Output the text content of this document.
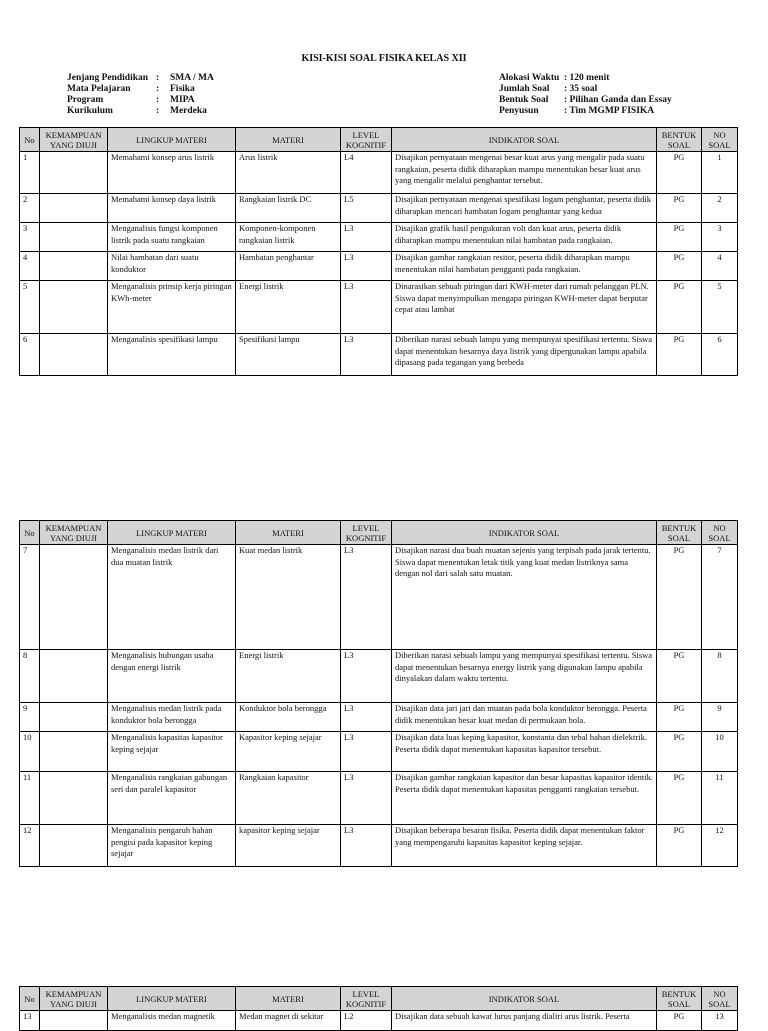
KISI-KISI SOAL FISIKA KELAS XII
Jenjang Pendidikan :	SMA / MA
Mata Pelajaran	:	Fisika
Program	:	MIPA
Kurikulum	:	Merdeka
Alokasi Waktu : 120 menit
Jumlah Soal	: 35 soal
Bentuk Soal	: Pilihan Ganda dan Essay
Penyusun	: Tim MGMP FISIKA
No	KEMAMPUAN YANG DIUJI	LINGKUP MATERI	MATERI	LEVEL KOGNITIF	INDIKATOR SOAL	BENTUK SOAL	NO SOAL
1		Memahami konsep arus listrik	Arus listrik	L4	Disajikan pernyataan mengenai besar kuat arus yang mengalir pada suatu rangkaian, peserta didik diharapkan mampu menentukan besar kuat arus yang mengalir melalui penghantar tersebut.	PG	1
2		Memahami konsep daya listrik	Rangkaian listrik DC	L5	Disajikan pernyataan mengenai spesifikasi logam penghantar, peserta didik diharapkan mencari hambatan logam penghantar yang kedua	PG	2
3		Menganalisis fungsi komponen listrik pada suatu rangkaian	Komponen-komponen rangkaian listrik	L3	Disajikan grafik hasil pengukuran volt dan kuat arus, peserta didik diharapkan mampu menentukan nilai hambatan pada rangkaian.	PG	3
4		Nilai hambatan dari suatu konduktor	Hambatan penghantar	L3	Disajikan gambar rangkaian resitor, peserta didik diharapkan mampu menentukan nilai hambatan pengganti pada rangkaian.	PG	4
5		Menganalisis prinsip kerja piringan KWh-meter	Energi listrik	L3	Dinarasikan sebuah piringan dari KWH-meter dari rumah pelanggan PLN. Siswa dapat menyimpulkan mengapa piringan KWH-meter dapat berputar cepat atau lambat	PG	5
6		Menganalisis spesifikasi lampu	Spesifikasi lampu	L3	Diberikan narasi sebuah lampu yang mempunyai spesifikasi tertentu. Siswa dapat menentukan besarnya daya listrik yang dipergunakan lampu apabila dipasang pada tegangan yang berbeda	PG	6
No	KEMAMPUAN YANG DIUJI	LINGKUP MATERI	MATERI	LEVEL KOGNITIF	INDIKATOR SOAL	BENTUK SOAL	NO SOAL
7		Menganalisis medan listrik dari dua muatan listrik	Kuat medan listrik	L3	Disajikan narasi dua buah muatan sejenis yang terpisah pada jarak tertentu. Siswa dapat menentukan letak titik yang kuat medan listriknya sama dengan nol dari salah satu muatan.	PG	7
8		Menganalisis hubungan usaha dengan energi listrik	Energi listrik	L3	Diberikan narasi sebuah lampu yang mempunyai spesifikasi tertentu. Siswa dapat menentukan besarnya energy listrik yang digunakan lampu apabila dinyalakan dalam waktu tertentu.	PG	8
9		Menganalisis medan listrik pada konduktor bola berongga	Konduktor bola berongga	L3	Disajikan data jari jari dan muatan pada bola konduktor berongga. Peserta didik menentukan besar kuat medan di permukaan bola.	PG	9
10		Menganalisis kapasitas kapasitor keping sejajar	Kapasitor keping sejajar	L3	Disajikan data luas keping kapasitor, konstanta dan tebal bahan dielektrik. Peserta didik dapat menentukan kapasitas kapasitor tersebut.	PG	10
11		Menganalisis rangkaian gabungan seri dan paralel kapasitor	Rangkaian kapasitor	L3	Disajikan gambar rangkaian kapasitor dan besar kapasitas kapasitor identik. Peserta didik dapat menentukan kapasitas pengganti rangkaian tersebut.	PG	11
12		Menganalisis pengaruh bahan pengisi pada kapasitor keping sejajar	kapasitor keping sejajar	L3	Disajikan beberapa besaran fisika. Peserta didik dapat menentukan faktor yang mempengaruhi kapasitas kapasitor keping sejajar.	PG	12
No	KEMAMPUAN YANG DIUJI	LINGKUP MATERI	MATERI	LEVEL KOGNITIF	INDIKATOR SOAL	BENTUK SOAL	NO SOAL
13		Menganalisis medan magnetik	Medan magnet di sekitar	L2	Disajikan data sebuah kawat lurus panjang dialiri arus listrik. Peserta	PG	13
